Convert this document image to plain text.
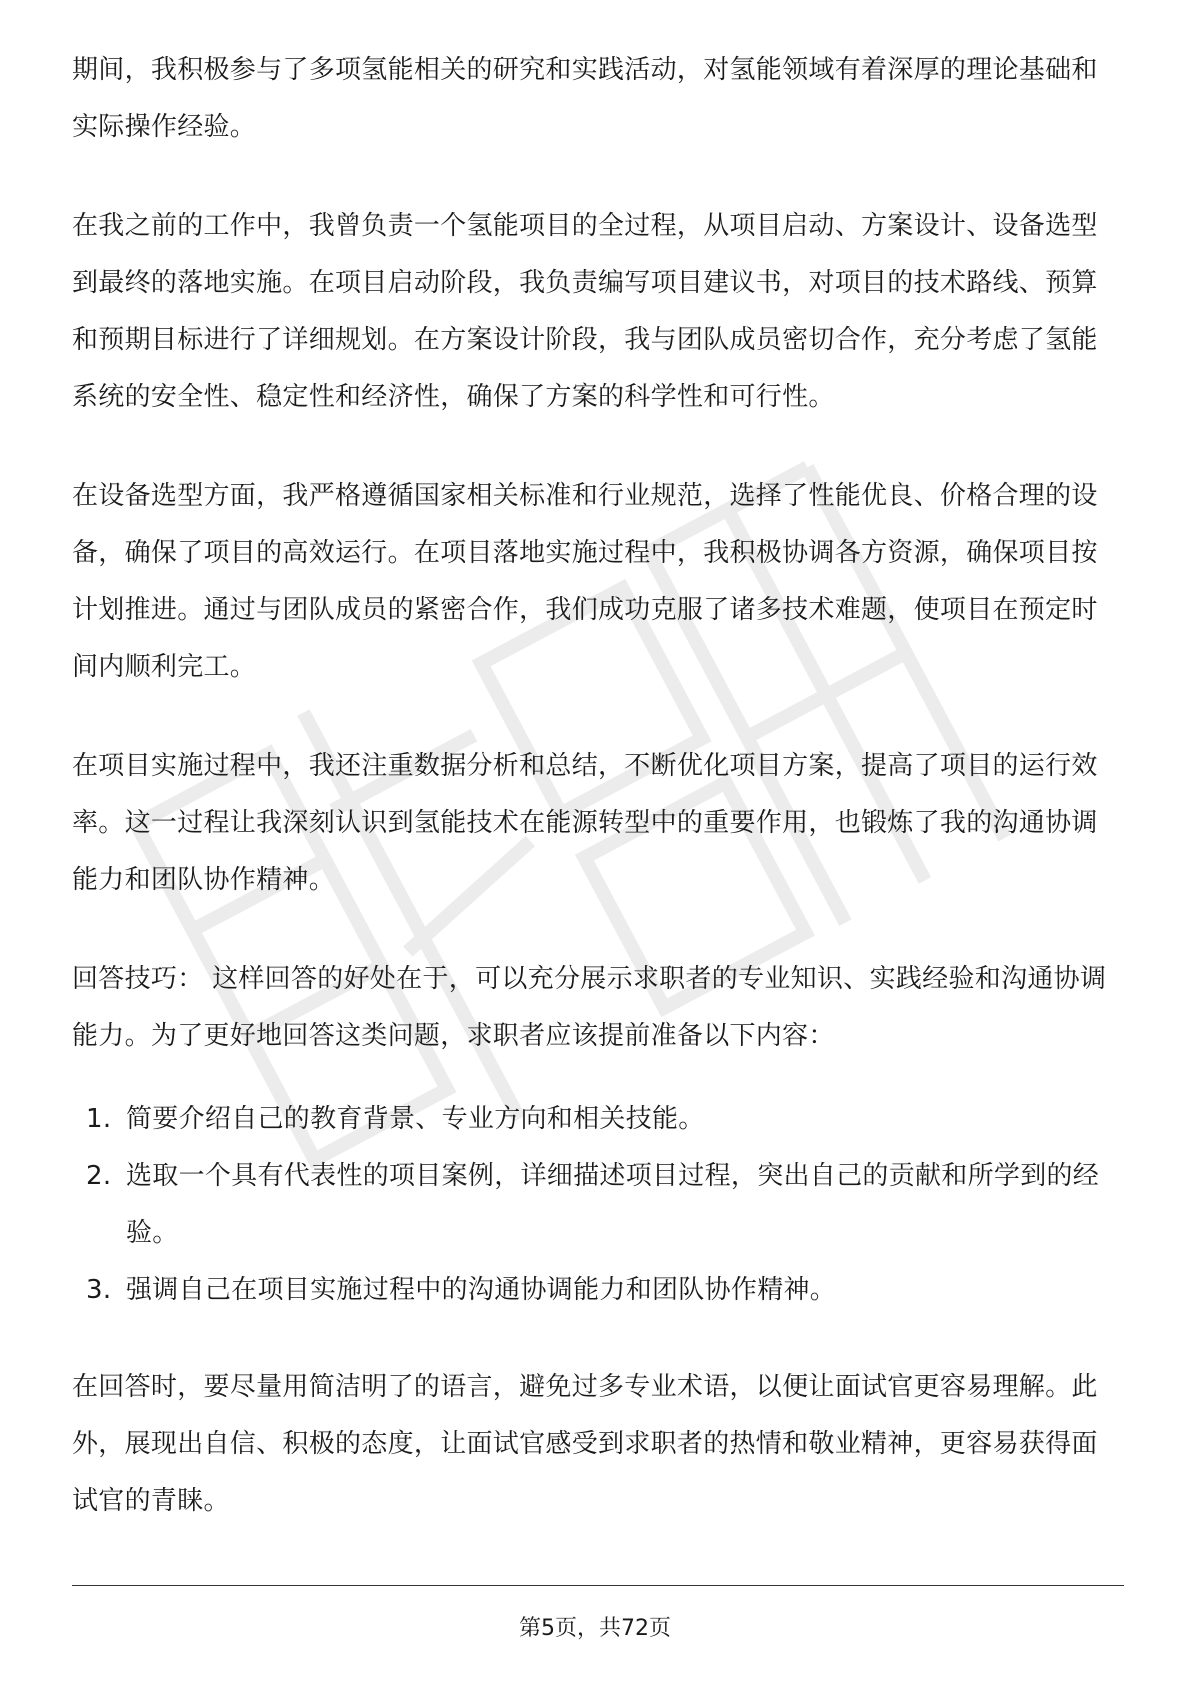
期间，我积极参与了多项氢能相关的研究和实践活动，对氢能领域有着深厚的理论基础和实际操作经验。

在我之前的工作中，我曾负责一个氢能项目的全过程，从项目启动、方案设计、设备选型到最终的落地实施。在项目启动阶段，我负责编写项目建议书，对项目的技术路线、预算和预期目标进行了详细规划。在方案设计阶段，我与团队成员密切合作，充分考虑了氢能系统的安全性、稳定性和经济性，确保了方案的科学性和可行性。

在设备选型方面，我严格遵循国家相关标准和行业规范，选择了性能优良、价格合理的设备，确保了项目的高效运行。在项目落地实施过程中，我积极协调各方资源，确保项目按计划推进。通过与团队成员的紧密合作，我们成功克服了诸多技术难题，使项目在预定时间内顺利完工。

在项目实施过程中，我还注重数据分析和总结，不断优化项目方案，提高了项目的运行效率。这一过程让我深刻认识到氢能技术在能源转型中的重要作用，也锻炼了我的沟通协调能力和团队协作精神。

回答技巧： 这样回答的好处在于，可以充分展示求职者的专业知识、实践经验和沟通协调能力。为了更好地回答这类问题，求职者应该提前准备以下内容：

1. 简要介绍自己的教育背景、专业方向和相关技能。
2. 选取一个具有代表性的项目案例，详细描述项目过程，突出自己的贡献和所学到的经验。
3. 强调自己在项目实施过程中的沟通协调能力和团队协作精神。

在回答时，要尽量用简洁明了的语言，避免过多专业术语，以便让面试官更容易理解。此外，展现出自信、积极的态度，让面试官感受到求职者的热情和敬业精神，更容易获得面试官的青睐。

第5页，共72页
